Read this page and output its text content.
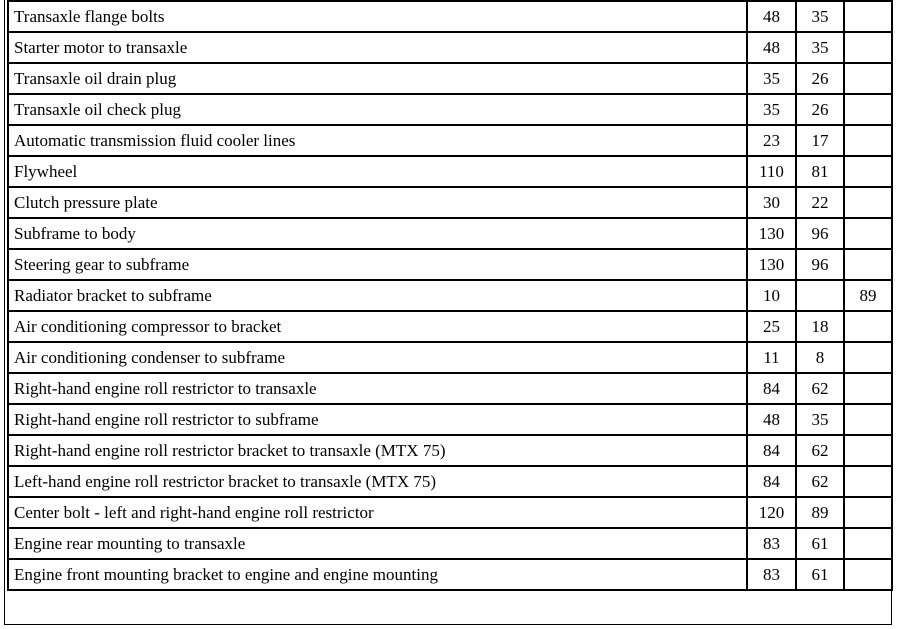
Transaxle flange bolts	48	35	
Starter motor to transaxle	48	35	
Transaxle oil drain plug	35	26	
Transaxle oil check plug	35	26	
Automatic transmission fluid cooler lines	23	17	
Flywheel	110	81	
Clutch pressure plate	30	22	
Subframe to body	130	96	
Steering gear to subframe	130	96	
Radiator bracket to subframe	10		89
Air conditioning compressor to bracket	25	18	
Air conditioning condenser to subframe	11	8	
Right-hand engine roll restrictor to transaxle	84	62	
Right-hand engine roll restrictor to subframe	48	35	
Right-hand engine roll restrictor bracket to transaxle (MTX 75)	84	62	
Left-hand engine roll restrictor bracket to transaxle (MTX 75)	84	62	
Center bolt - left and right-hand engine roll restrictor	120	89	
Engine rear mounting to transaxle	83	61	
Engine front mounting bracket to engine and engine mounting	83	61	
